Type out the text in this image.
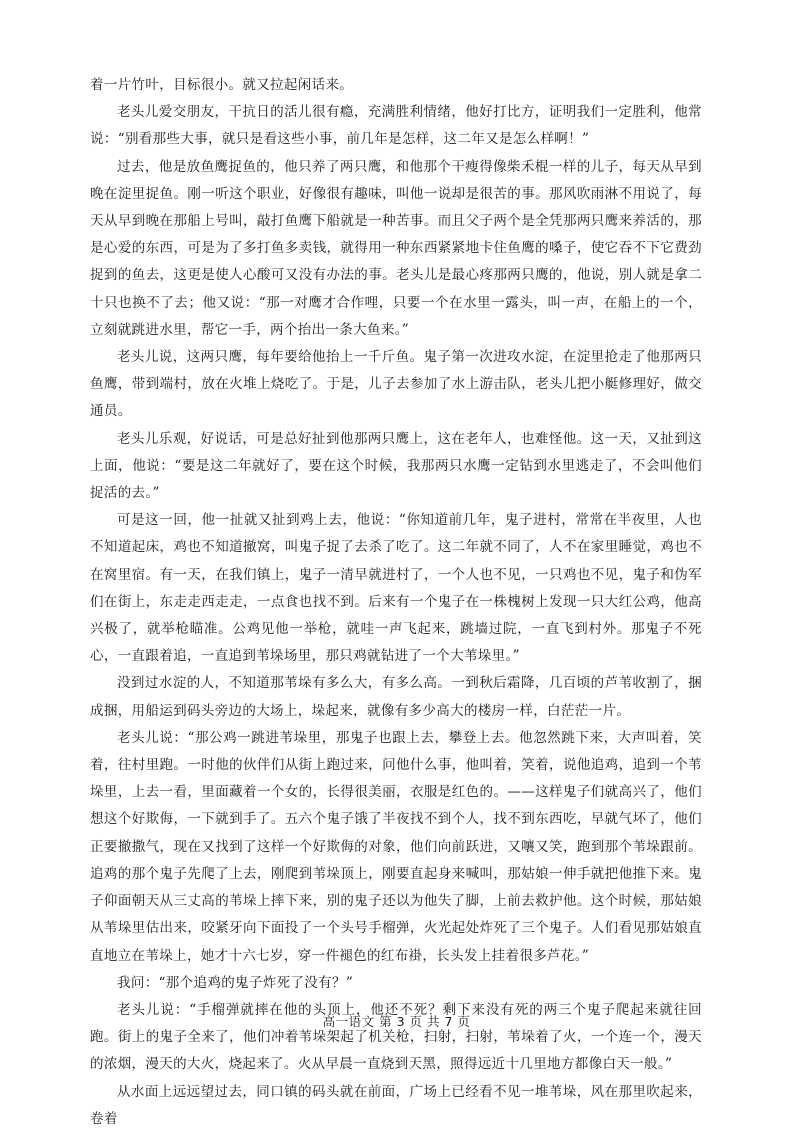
着一片竹叶，目标很小。就又拉起闲话来。

老头儿爱交朋友，干抗日的活儿很有瘾，充满胜利情绪，他好打比方，证明我们一定胜利，他常说：“别看那些大事，就只是看这些小事，前几年是怎样，这二年又是怎么样啊！”

过去，他是放鱼鹰捉鱼的，他只养了两只鹰，和他那个干瘦得像柴禾棍一样的儿子，每天从早到晚在淀里捉鱼。刚一听这个职业，好像很有趣味，叫他一说却是很苦的事。那风吹雨淋不用说了，每天从早到晚在那船上号叫，敲打鱼鹰下船就是一种苦事。而且父子两个是全凭那两只鹰来养活的，那是心爱的东西，可是为了多打鱼多卖钱，就得用一种东西紧紧地卡住鱼鹰的嗓子，使它吞不下它费劲捉到的鱼去，这更是使人心酸可又没有办法的事。老头儿是最心疼那两只鹰的，他说，别人就是拿二十只也换不了去；他又说：“那一对鹰才合作哩，只要一个在水里一露头，叫一声，在船上的一个，立刻就跳进水里，帮它一手，两个抬出一条大鱼来。”

老头儿说，这两只鹰，每年要给他抬上一千斤鱼。鬼子第一次进攻水淀，在淀里抢走了他那两只鱼鹰，带到端村，放在火堆上烧吃了。于是，儿子去参加了水上游击队，老头儿把小艇修理好，做交通员。

老头儿乐观，好说话，可是总好扯到他那两只鹰上，这在老年人，也难怪他。这一天，又扯到这上面，他说：“要是这二年就好了，要在这个时候，我那两只水鹰一定钻到水里逃走了，不会叫他们捉活的去。”

可是这一回，他一扯就又扯到鸡上去，他说：“你知道前几年，鬼子进村，常常在半夜里，人也不知道起床，鸡也不知道撤窝，叫鬼子捉了去杀了吃了。这二年就不同了，人不在家里睡觉，鸡也不在窝里宿。有一天，在我们镇上，鬼子一清早就进村了，一个人也不见，一只鸡也不见，鬼子和伪军们在街上，东走走西走走，一点食也找不到。后来有一个鬼子在一株槐树上发现一只大红公鸡，他高兴极了，就举枪瞄准。公鸡见他一举枪，就哇一声飞起来，跳墙过院，一直飞到村外。那鬼子不死心，一直跟着追，一直追到苇垛场里，那只鸡就钻进了一个大苇垛里。”

没到过水淀的人，不知道那苇垛有多么大，有多么高。一到秋后霜降，几百顷的芦苇收割了，捆成捆，用船运到码头旁边的大场上，垛起来，就像有多少高大的楼房一样，白茫茫一片。

老头儿说：“那公鸡一跳进苇垛里，那鬼子也跟上去，攀登上去。他忽然跳下来，大声叫着，笑着，往村里跑。一时他的伙伴们从街上跑过来，问他什么事，他叫着，笑着，说他追鸡，追到一个苇垛里，上去一看，里面藏着一个女的，长得很美丽，衣服是红色的。——这样鬼子们就高兴了，他们想这个好欺侮，一下就到手了。五六个鬼子饿了半夜找不到个人，找不到东西吃，早就气坏了，他们正要撤撒气，现在又找到了这样一个好欺侮的对象，他们向前跃进，又嚷又笑，跑到那个苇垛跟前。追鸡的那个鬼子先爬了上去，刚爬到苇垛顶上，刚要直起身来喊叫，那姑娘一伸手就把他推下来。鬼子仰面朝天从三丈高的苇垛上摔下来，别的鬼子还以为他失了脚，上前去救护他。这个时候，那姑娘从苇垛里估出来，咬紧牙向下面投了一个头号手榴弹，火光起处炸死了三个鬼子。人们看见那姑娘直直地立在苇垛上，她才十六七岁，穿一件褪色的红布褂，长头发上挂着很多芦花。”

我问：“那个追鸡的鬼子炸死了没有？”

老头儿说：“手榴弹就摔在他的头顶上，他还不死？剩下来没有死的两三个鬼子爬起来就往回跑。街上的鬼子全来了，他们冲着苇垛架起了机关枪，扫射，扫射，苇垛着了火，一个连一个，漫天的浓烟，漫天的大火，烧起来了。火从早晨一直烧到天黑，照得远近十几里地方都像白天一般。”

从水面上远远望过去，同口镇的码头就在前面，广场上已经看不见一堆苇垛，风在那里吹起来，卷着

高一语文 第 3 页 共 7 页
